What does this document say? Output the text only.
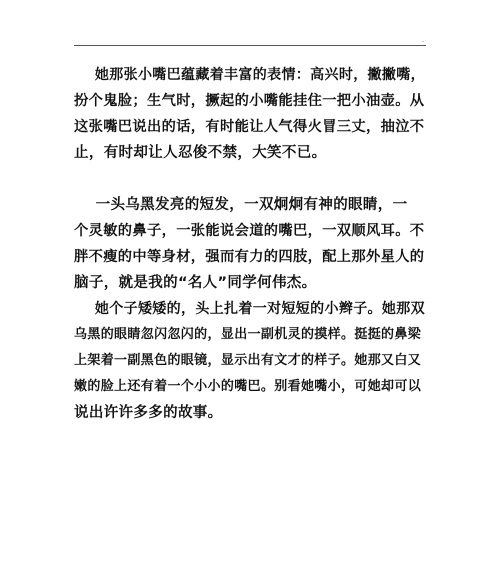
.

她那张小嘴巴蕴藏着丰富的表情：高兴时，撇撇嘴，

扮个鬼脸；生气时，撅起的小嘴能挂住一把小油壶。从

这张嘴巴说出的话，有时能让人气得火冒三丈，抽泣不

止，有时却让人忍俊不禁，大笑不已。

一头乌黑发亮的短发，一双炯炯有神的眼睛，一

个灵敏的鼻子，一张能说会道的嘴巴，一双顺风耳。不

胖不瘦的中等身材，强而有力的四肢，配上那外星人的

脑子，就是我的“名人”同学何伟杰。

她个子矮矮的，头上扎着一对短短的小辫子。她那双

乌黑的眼睛忽闪忽闪的，显出一副机灵的摸样。挺挺的鼻梁

上架着一副黑色的眼镜，显示出有文才的样子。她那又白又

嫩的脸上还有着一个小小的嘴巴。别看她嘴小，可她却可以

说出许许多多的故事。
